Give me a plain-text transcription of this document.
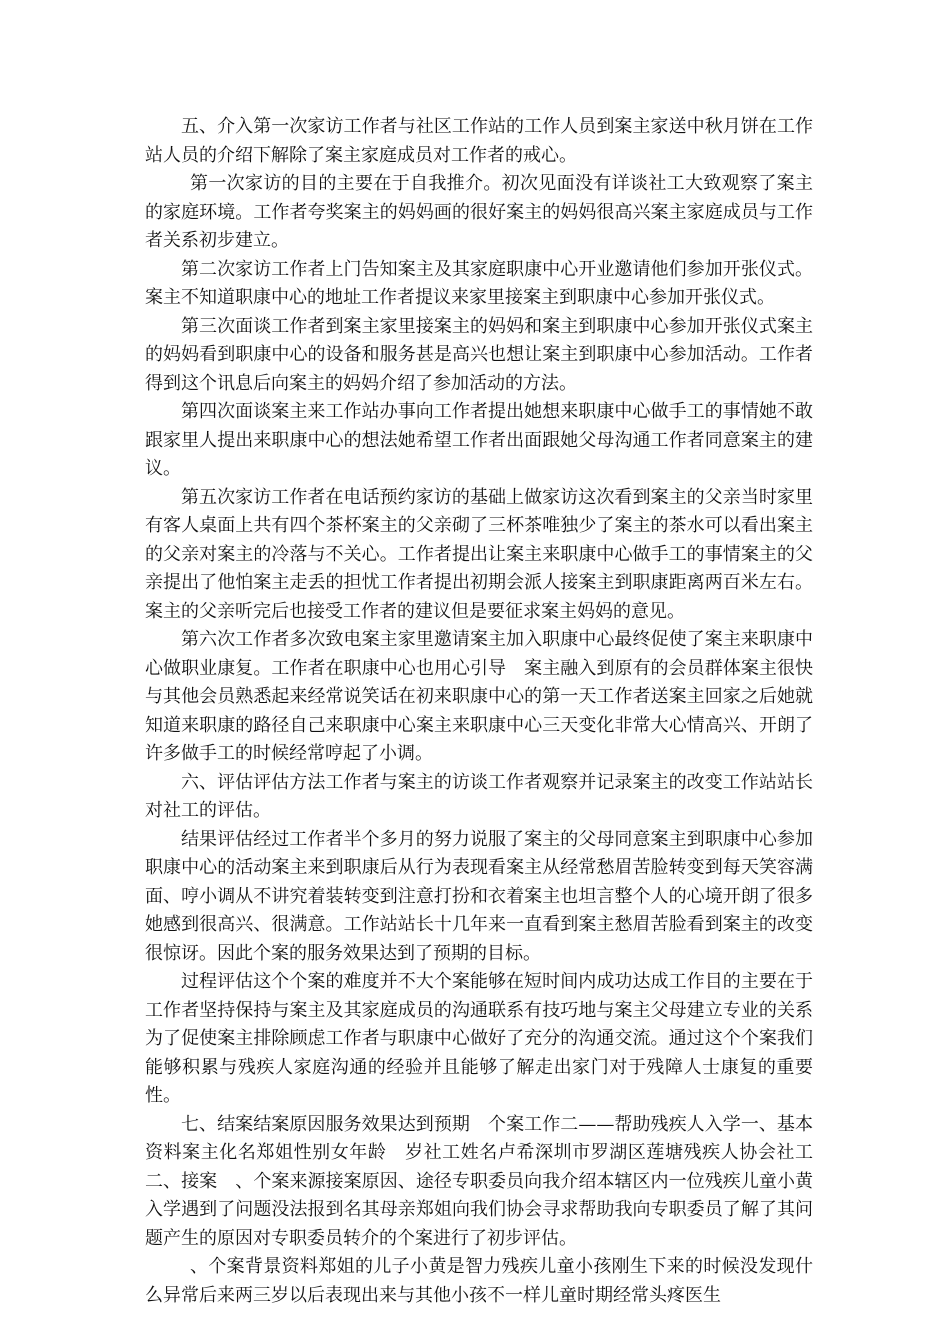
五、介入第一次家访工作者与社区工作站的工作人员到案主家送中秋月饼在工作站人员的介绍下解除了案主家庭成员对工作者的戒心。

第一次家访的目的主要在于自我推介。初次见面没有详谈社工大致观察了案主的家庭环境。工作者夸奖案主的妈妈画的很好案主的妈妈很高兴案主家庭成员与工作者关系初步建立。

第二次家访工作者上门告知案主及其家庭职康中心开业邀请他们参加开张仪式。案主不知道职康中心的地址工作者提议来家里接案主到职康中心参加开张仪式。

第三次面谈工作者到案主家里接案主的妈妈和案主到职康中心参加开张仪式案主的妈妈看到职康中心的设备和服务甚是高兴也想让案主到职康中心参加活动。工作者得到这个讯息后向案主的妈妈介绍了参加活动的方法。

第四次面谈案主来工作站办事向工作者提出她想来职康中心做手工的事情她不敢跟家里人提出来职康中心的想法她希望工作者出面跟她父母沟通工作者同意案主的建议。

第五次家访工作者在电话预约家访的基础上做家访这次看到案主的父亲当时家里有客人桌面上共有四个茶杯案主的父亲砌了三杯茶唯独少了案主的茶水可以看出案主的父亲对案主的冷落与不关心。工作者提出让案主来职康中心做手工的事情案主的父亲提出了他怕案主走丢的担忧工作者提出初期会派人接案主到职康距离两百米左右。案主的父亲听完后也接受工作者的建议但是要征求案主妈妈的意见。

第六次工作者多次致电案主家里邀请案主加入职康中心最终促使了案主来职康中心做职业康复。工作者在职康中心也用心引导　案主融入到原有的会员群体案主很快与其他会员熟悉起来经常说笑话在初来职康中心的第一天工作者送案主回家之后她就知道来职康的路径自己来职康中心案主来职康中心三天变化非常大心情高兴、开朗了许多做手工的时候经常哼起了小调。

六、评估评估方法工作者与案主的访谈工作者观察并记录案主的改变工作站站长对社工的评估。

结果评估经过工作者半个多月的努力说服了案主的父母同意案主到职康中心参加职康中心的活动案主来到职康后从行为表现看案主从经常愁眉苦脸转变到每天笑容满面、哼小调从不讲究着装转变到注意打扮和衣着案主也坦言整个人的心境开朗了很多她感到很高兴、很满意。工作站站长十几年来一直看到案主愁眉苦脸看到案主的改变很惊讶。因此个案的服务效果达到了预期的目标。

过程评估这个个案的难度并不大个案能够在短时间内成功达成工作目的主要在于工作者坚持保持与案主及其家庭成员的沟通联系有技巧地与案主父母建立专业的关系为了促使案主排除顾虑工作者与职康中心做好了充分的沟通交流。通过这个个案我们能够积累与残疾人家庭沟通的经验并且能够了解走出家门对于残障人士康复的重要性。

七、结案结案原因服务效果达到预期　个案工作二——帮助残疾人入学一、基本资料案主化名郑姐性别女年龄　岁社工姓名卢希深圳市罗湖区莲塘残疾人协会社工二、接案　、个案来源接案原因、途径专职委员向我介绍本辖区内一位残疾儿童小黄入学遇到了问题没法报到名其母亲郑姐向我们协会寻求帮助我向专职委员了解了其问题产生的原因对专职委员转介的个案进行了初步评估。

、个案背景资料郑姐的儿子小黄是智力残疾儿童小孩刚生下来的时候没发现什么异常后来两三岁以后表现出来与其他小孩不一样儿童时期经常头疼医生
